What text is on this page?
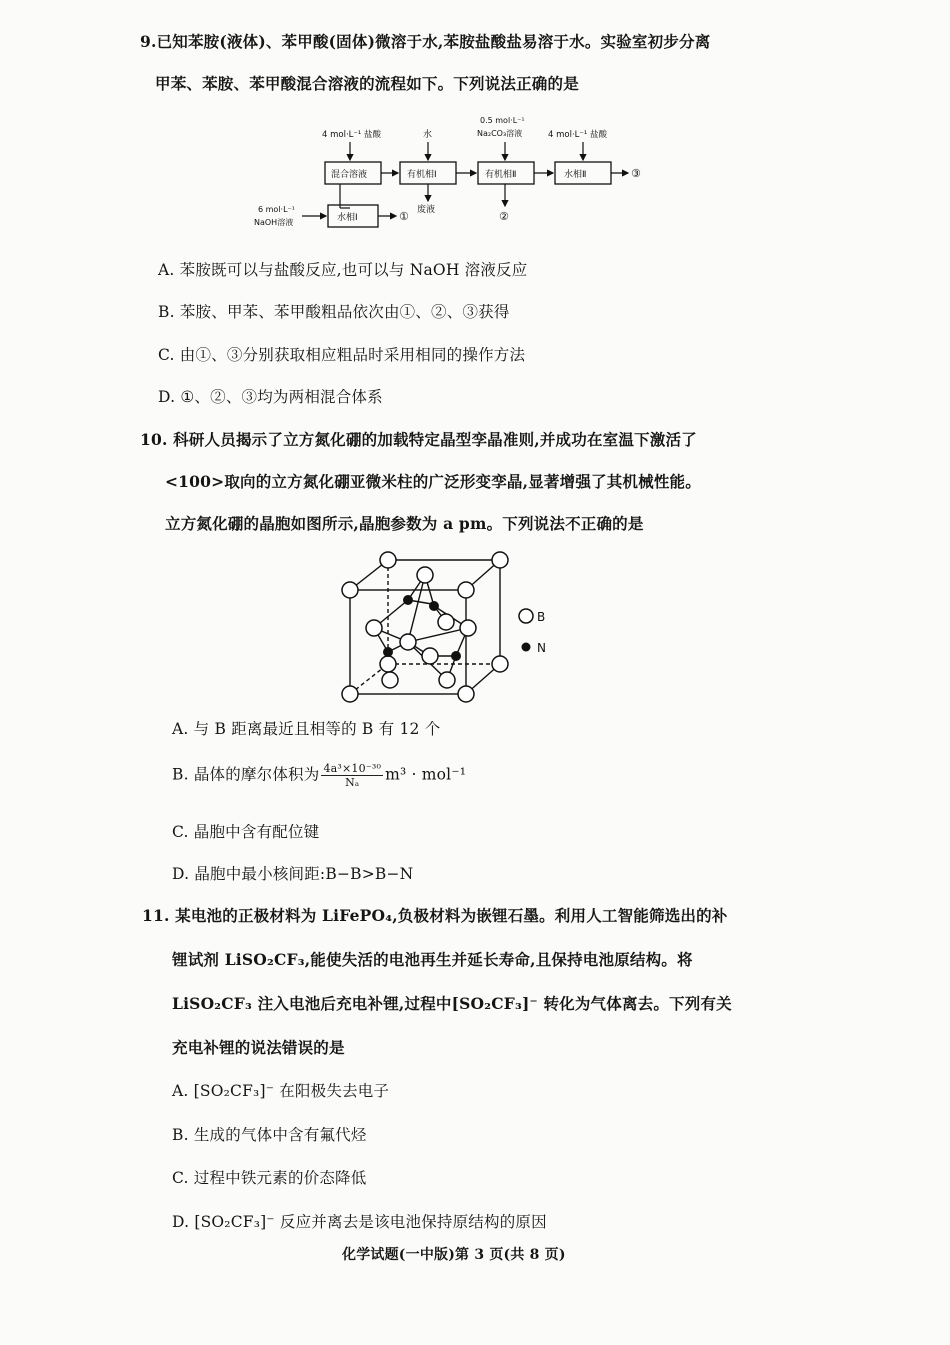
9.已知苯胺(液体)、苯甲酸(固体)微溶于水,苯胺盐酸盐易溶于水。实验室初步分离
甲苯、苯胺、苯甲酸混合溶液的流程如下。下列说法正确的是
4 mol·L⁻¹ 盐酸	水
0.5 mol·L⁻¹
Na₂CO₃溶液	4 mol·L⁻¹ 盐酸
混合溶液	有机相Ⅰ	有机相Ⅱ	水相Ⅱ	③
水相Ⅰ
6 mol·L⁻¹
NaOH溶液	① 废液	②
A. 苯胺既可以与盐酸反应,也可以与 NaOH 溶液反应
B. 苯胺、甲苯、苯甲酸粗品依次由①、②、③获得
C. 由①、③分别获取相应粗品时采用相同的操作方法
D. ①、②、③均为两相混合体系
10. 科研人员揭示了立方氮化硼的加载特定晶型孪晶准则,并成功在室温下激活了
<100>取向的立方氮化硼亚微米柱的广泛形变孪晶,显著增强了其机械性能。
立方氮化硼的晶胞如图所示,晶胞参数为 a pm。下列说法不正确的是
B
N
A. 与 B 距离最近且相等的 B 有 12 个
B. 晶体的摩尔体积为 $\frac{\text{4a³×10⁻³⁰}}{\text{Nₐ}} m^3 \cdot mol^{-1}$
C. 晶胞中含有配位键
D. 晶胞中最小核间距:B−B>B−N
11. 某电池的正极材料为 LiFePO₄,负极材料为嵌锂石墨。利用人工智能筛选出的补
锂试剂 LiSO₂CF₃,能使失活的电池再生并延长寿命,且保持电池原结构。将
LiSO₂CF₃ 注入电池后充电补锂,过程中[SO₂CF₃]⁻ 转化为气体离去。下列有关
充电补锂的说法错误的是
A. [SO₂CF₃]⁻ 在阳极失去电子
B. 生成的气体中含有氟代烃
C. 过程中铁元素的价态降低
D. [SO₂CF₃]⁻ 反应并离去是该电池保持原结构的原因
化学试题(一中版)第 3 页(共 8 页)
